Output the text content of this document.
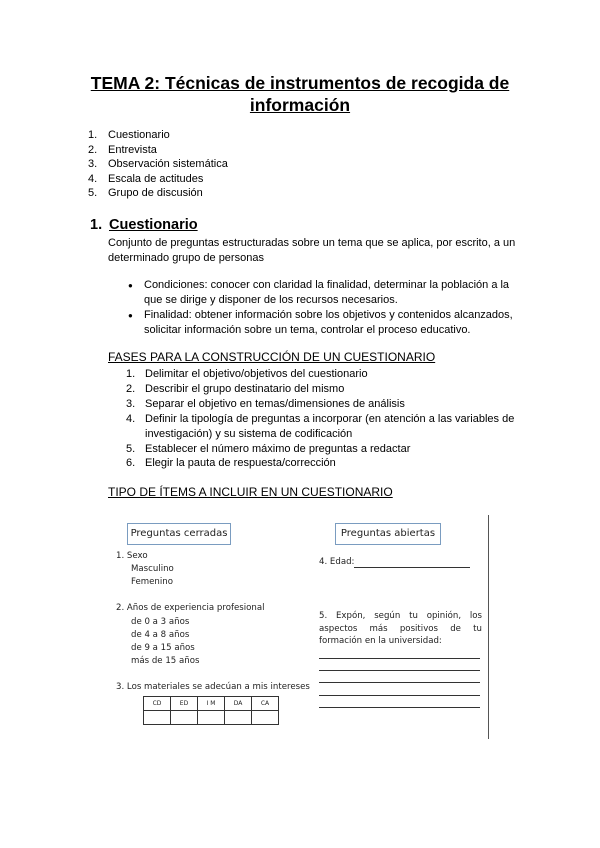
TEMA 2: Técnicas de instrumentos de recogida de información
1. Cuestionario
2. Entrevista
3. Observación sistemática
4. Escala de actitudes
5. Grupo de discusión
1. Cuestionario
Conjunto de preguntas estructuradas sobre un tema que se aplica, por escrito, a un determinado grupo de personas
●	Condiciones: conocer con claridad la finalidad, determinar la población a la que se dirige y disponer de los recursos necesarios.
●	Finalidad: obtener información sobre los objetivos y contenidos alcanzados, solicitar información sobre un tema, controlar el proceso educativo.
FASES PARA LA CONSTRUCCIÓN DE UN CUESTIONARIO
1. Delimitar el objetivo/objetivos del cuestionario
2. Describir el grupo destinatario del mismo
3. Separar el objetivo en temas/dimensiones de análisis
4. Definir la tipología de preguntas a incorporar (en atención a las variables de investigación) y su sistema de codificación
5. Establecer el número máximo de preguntas a redactar
6. Elegir la pauta de respuesta/corrección
TIPO DE ÍTEMS A INCLUIR EN UN CUESTIONARIO
Preguntas cerradas	Preguntas abiertas
1. Sexo
Masculino
Femenino
2. Años de experiencia profesional
de 0 a 3 años
de 4 a 8 años
de 9 a 15 años
más de 15 años
3. Los materiales se adecúan a mis intereses
CD	ED	I M	DA	CA

4. Edad:
5. Expón, según tu opinión, los aspectos más positivos de tu formación en la universidad:
